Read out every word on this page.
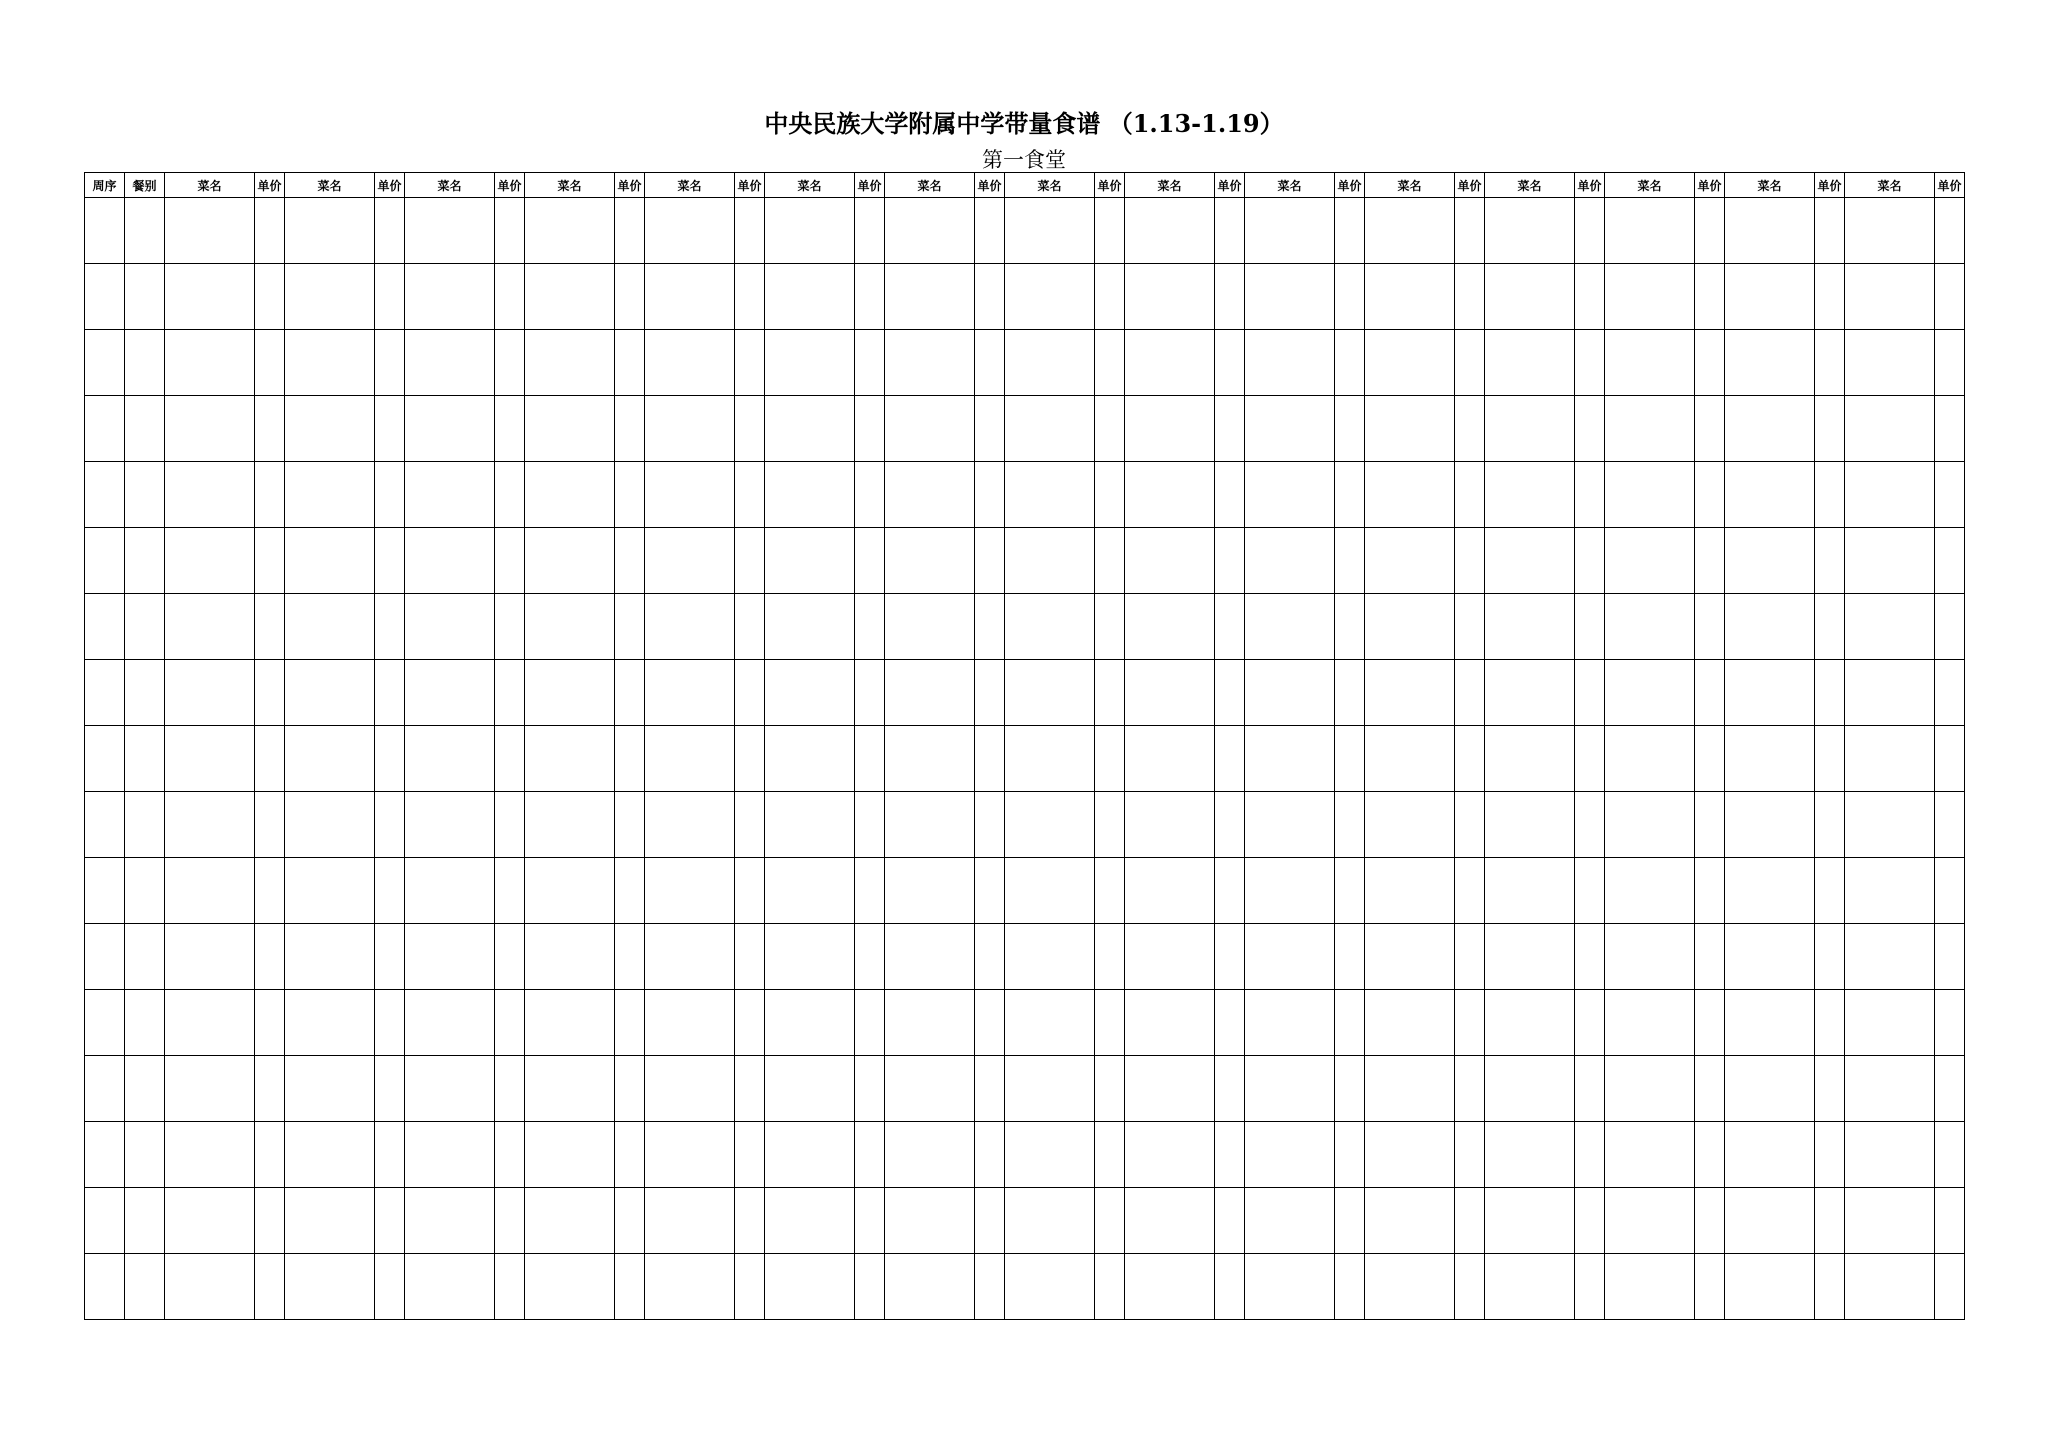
中央民族大学附属中学带量食谱 （1.13-1.19）
第一食堂
周序	餐别	菜名	单价	菜名	单价	菜名	单价	菜名	单价	菜名	单价	菜名	单价	菜名	单价	菜名	单价	菜名	单价	菜名	单价	菜名	单价	菜名	单价	菜名	单价	菜名	单价	菜名	单价
